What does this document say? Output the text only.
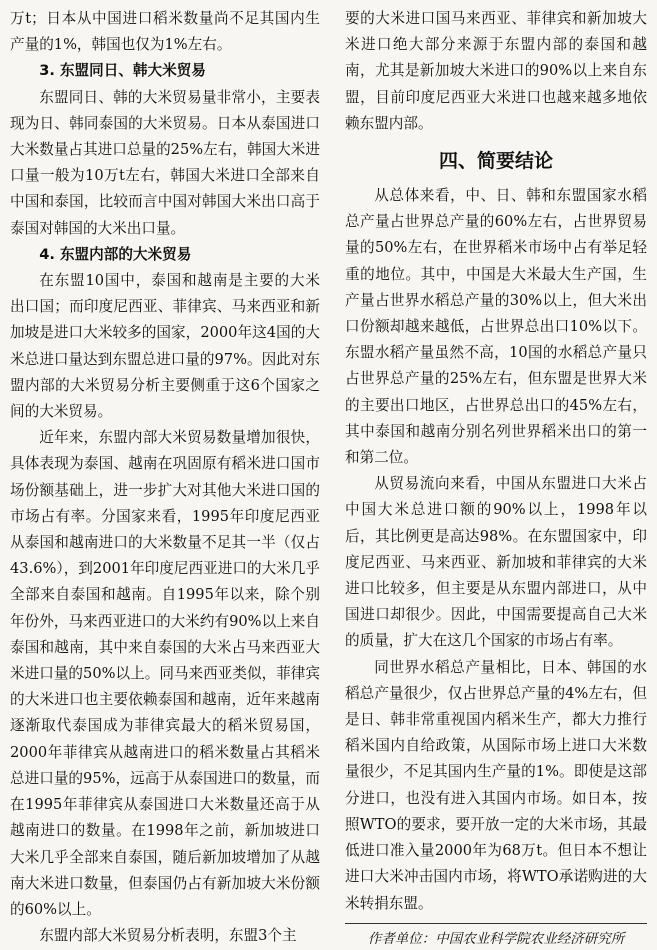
万t；日本从中国进口稻米数量尚不足其国内生产量的1%，韩国也仅为1%左右。

3. 东盟同日、韩大米贸易

东盟同日、韩的大米贸易量非常小，主要表现为日、韩同泰国的大米贸易。日本从泰国进口大米数量占其进口总量的25%左右，韩国大米进口量一般为10万t左右，韩国大米进口全部来自中国和泰国，比较而言中国对韩国大米出口高于泰国对韩国的大米出口量。

4. 东盟内部的大米贸易

在东盟10国中，泰国和越南是主要的大米出口国；而印度尼西亚、菲律宾、马来西亚和新加坡是进口大米较多的国家，2000年这4国的大米总进口量达到东盟总进口量的97%。因此对东盟内部的大米贸易分析主要侧重于这6个国家之间的大米贸易。

近年来，东盟内部大米贸易数量增加很快，具体表现为泰国、越南在巩固原有稻米进口国市场份额基础上，进一步扩大对其他大米进口国的市场占有率。分国家来看，1995年印度尼西亚从泰国和越南进口的大米数量不足其一半（仅占43.6%），到2001年印度尼西亚进口的大米几乎全部来自泰国和越南。自1995年以来，除个别年份外，马来西亚进口的大米约有90%以上来自泰国和越南，其中来自泰国的大米占马来西亚大米进口量的50%以上。同马来西亚类似，菲律宾的大米进口也主要依赖泰国和越南，近年来越南逐渐取代泰国成为菲律宾最大的稻米贸易国，2000年菲律宾从越南进口的稻米数量占其稻米总进口量的95%，远高于从泰国进口的数量，而在1995年菲律宾从泰国进口大米数量还高于从越南进口的数量。在1998年之前，新加坡进口大米几乎全部来自泰国，随后新加坡增加了从越南大米进口数量，但泰国仍占有新加坡大米份额的60%以上。

东盟内部大米贸易分析表明，东盟3个主

要的大米进口国马来西亚、菲律宾和新加坡大米进口绝大部分来源于东盟内部的泰国和越南，尤其是新加坡大米进口的90%以上来自东盟，目前印度尼西亚大米进口也越来越多地依赖东盟内部。

四、简要结论

从总体来看，中、日、韩和东盟国家水稻总产量占世界总产量的60%左右，占世界贸易量的50%左右，在世界稻米市场中占有举足轻重的地位。其中，中国是大米最大生产国，生产量占世界水稻总产量的30%以上，但大米出口份额却越来越低，占世界总出口10%以下。东盟水稻产量虽然不高，10国的水稻总产量只占世界总产量的25%左右，但东盟是世界大米的主要出口地区，占世界总出口的45%左右，其中泰国和越南分别名列世界稻米出口的第一和第二位。

从贸易流向来看，中国从东盟进口大米占中国大米总进口额的90%以上，1998年以后，其比例更是高达98%。在东盟国家中，印度尼西亚、马来西亚、新加坡和菲律宾的大米进口比较多，但主要是从东盟内部进口，从中国进口却很少。因此，中国需要提高自己大米的质量，扩大在这几个国家的市场占有率。

同世界水稻总产量相比，日本、韩国的水稻总产量很少，仅占世界总产量的4%左右，但是日、韩非常重视国内稻米生产，都大力推行稻米国内自给政策，从国际市场上进口大米数量很少，不足其国内生产量的1%。即使是这部分进口，也没有进入其国内市场。如日本，按照WTO的要求，要开放一定的大米市场，其最低进口准入量2000年为68万t。但日本不想让进口大米冲击国内市场，将WTO承诺购进的大米转捐东盟。

作者单位：中国农业科学院农业经济研究所
